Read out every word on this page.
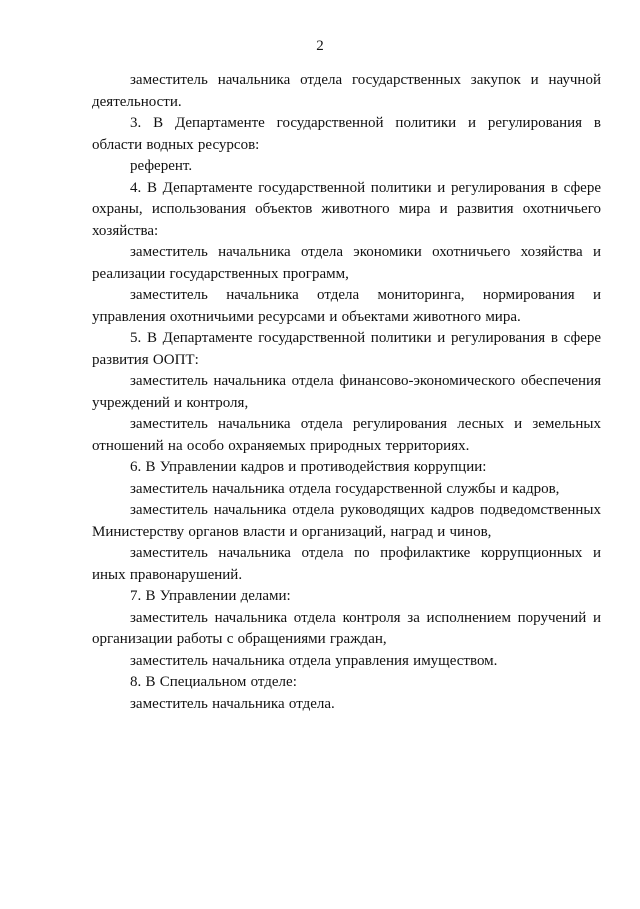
2

заместитель начальника отдела государственных закупок и научной деятельности.

3. В Департаменте государственной политики и регулирования в области водных ресурсов:

референт.

4. В Департаменте государственной политики и регулирования в сфере охраны, использования объектов животного мира и развития охотничьего хозяйства:

заместитель начальника отдела экономики охотничьего хозяйства и реализации государственных программ,

заместитель начальника отдела мониторинга, нормирования и управления охотничьими ресурсами и объектами животного мира.

5. В Департаменте государственной политики и регулирования в сфере развития ООПТ:

заместитель начальника отдела финансово-экономического обеспечения учреждений и контроля,

заместитель начальника отдела регулирования лесных и земельных отношений на особо охраняемых природных территориях.

6. В Управлении кадров и противодействия коррупции:

заместитель начальника отдела государственной службы и кадров,

заместитель начальника отдела руководящих кадров подведомственных Министерству органов власти и организаций, наград и чинов,

заместитель начальника отдела по профилактике коррупционных и иных правонарушений.

7. В Управлении делами:

заместитель начальника отдела контроля за исполнением поручений и организации работы с обращениями граждан,

заместитель начальника отдела управления имуществом.

8. В Специальном отделе:

заместитель начальника отдела.
